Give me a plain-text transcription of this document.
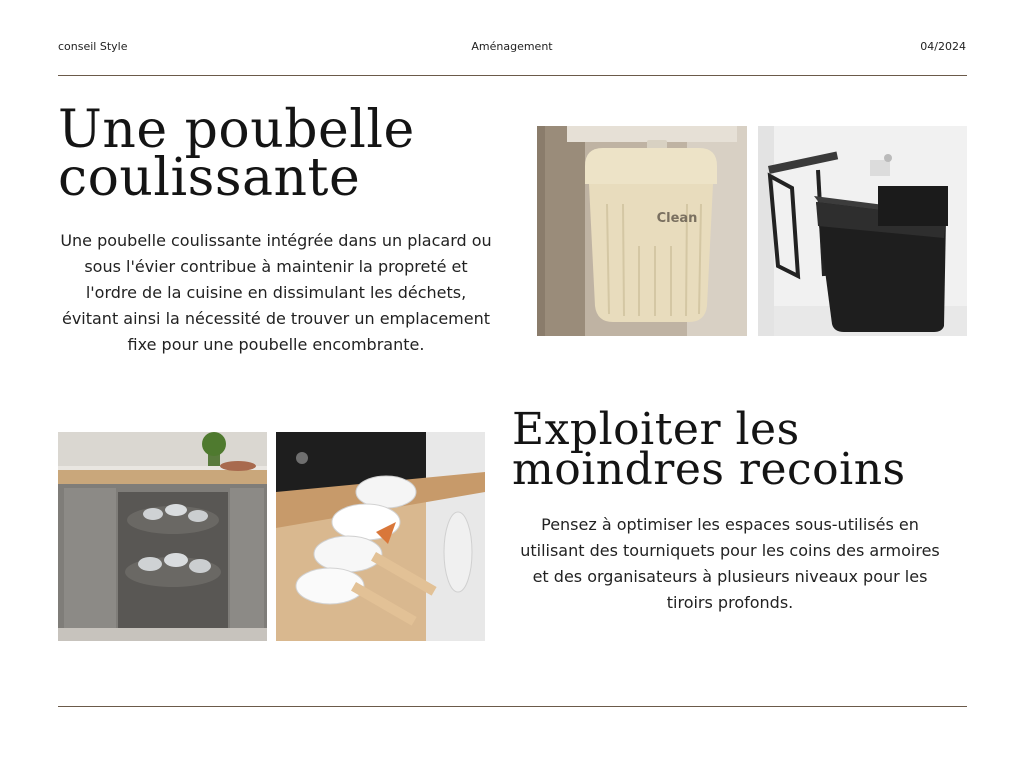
conseil Style	Aménagement	04/2024
Une poubelle coulissante

Une poubelle coulissante intégrée dans un placard ou sous l'évier contribue à maintenir la propreté et l'ordre de la cuisine en dissimulant les déchets, évitant ainsi la nécessité de trouver un emplacement fixe pour une poubelle encombrante.

Clean
Exploiter les moindres recoins

Pensez à optimiser les espaces sous-utilisés en utilisant des tourniquets pour les coins des armoires et des organisateurs à plusieurs niveaux pour les tiroirs profonds.
